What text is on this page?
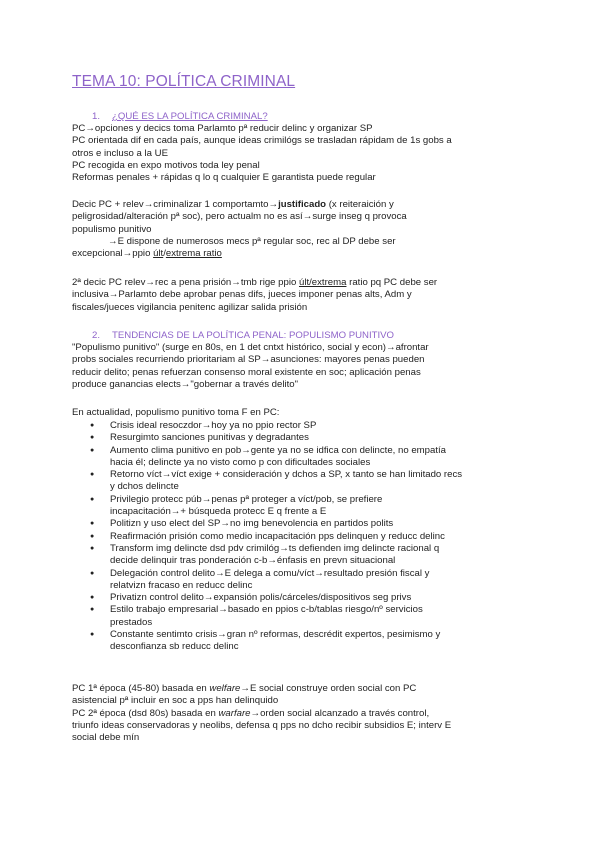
TEMA 10: POLÍTICA CRIMINAL
1. ¿QUÉ ES LA POLÍTICA CRIMINAL?
PC→opciones y decics toma Parlamto pª reducir delinc y organizar SP
PC orientada dif en cada país, aunque ideas crimilógs se trasladan rápidam de 1s gobs a
otros e incluso a la UE
PC recogida en expo motivos toda ley penal
Reformas penales + rápidas q lo q cualquier E garantista puede regular
Decic PC + relev→criminalizar 1 comportamto→justificado (x reiteraición y
peligrosidad/alteración pª soc), pero actualm no es así→surge inseg q provoca
populismo punitivo
→E dispone de numerosos mecs pª regular soc, rec al DP debe ser
excepcional→ppio últ/extrema ratio
2ª decic PC relev→rec a pena prisión→tmb rige ppio últ/extrema ratio pq PC debe ser
inclusiva→Parlamto debe aprobar penas difs, jueces imponer penas alts, Adm y
fiscales/jueces vigilancia penitenc agilizar salida prisión
2. TENDENCIAS DE LA POLÍTICA PENAL: POPULISMO PUNITIVO
"Populismo punitivo" (surge en 80s, en 1 det cntxt histórico, social y econ)→afrontar
probs sociales recurriendo prioritariam al SP→asunciones: mayores penas pueden
reducir delito; penas refuerzan consenso moral existente en soc; aplicación penas
produce ganancias elects→"gobernar a través delito"
En actualidad, populismo punitivo toma F en PC:
● Crisis ideal resoczdor→hoy ya no ppio rector SP
● Resurgimto sanciones punitivas y degradantes
● Aumento clima punitivo en pob→gente ya no se idfica con delincte, no empatía
hacia él; delincte ya no visto como p con dificultades sociales
● Retorno víct→víct exige + consideración y dchos a SP, x tanto se han limitado recs
y dchos delincte
● Privilegio protecc púb→penas pª proteger a víct/pob, se prefiere
incapacitación→+ búsqueda protecc E q frente a E
● Politizn y uso elect del SP→no img benevolencia en partidos polits
● Reafirmación prisión como medio incapacitación pps delinquen y reducc delinc
● Transform img delincte dsd pdv crimilóg→ts defienden img delincte racional q
decide delinquir tras ponderación c-b→énfasis en prevn situacional
● Delegación control delito→E delega a comu/víct→resultado presión fiscal y
relatvizn fracaso en reducc delinc
● Privatizn control delito→expansión polis/cárceles/dispositivos seg privs
● Estilo trabajo empresarial→basado en ppios c-b/tablas riesgo/nº servicios
prestados
● Constante sentimto crisis→gran nº reformas, descrédit expertos, pesimismo y
desconfianza sb reducc delinc
PC 1ª época (45-80) basada en welfare→E social construye orden social con PC
asistencial pª incluir en soc a pps han delinquido
PC 2ª época (dsd 80s) basada en warfare→orden social alcanzado a través control,
triunfo ideas conservadoras y neolibs, defensa q pps no dcho recibir subsidios E; interv E
social debe mín
